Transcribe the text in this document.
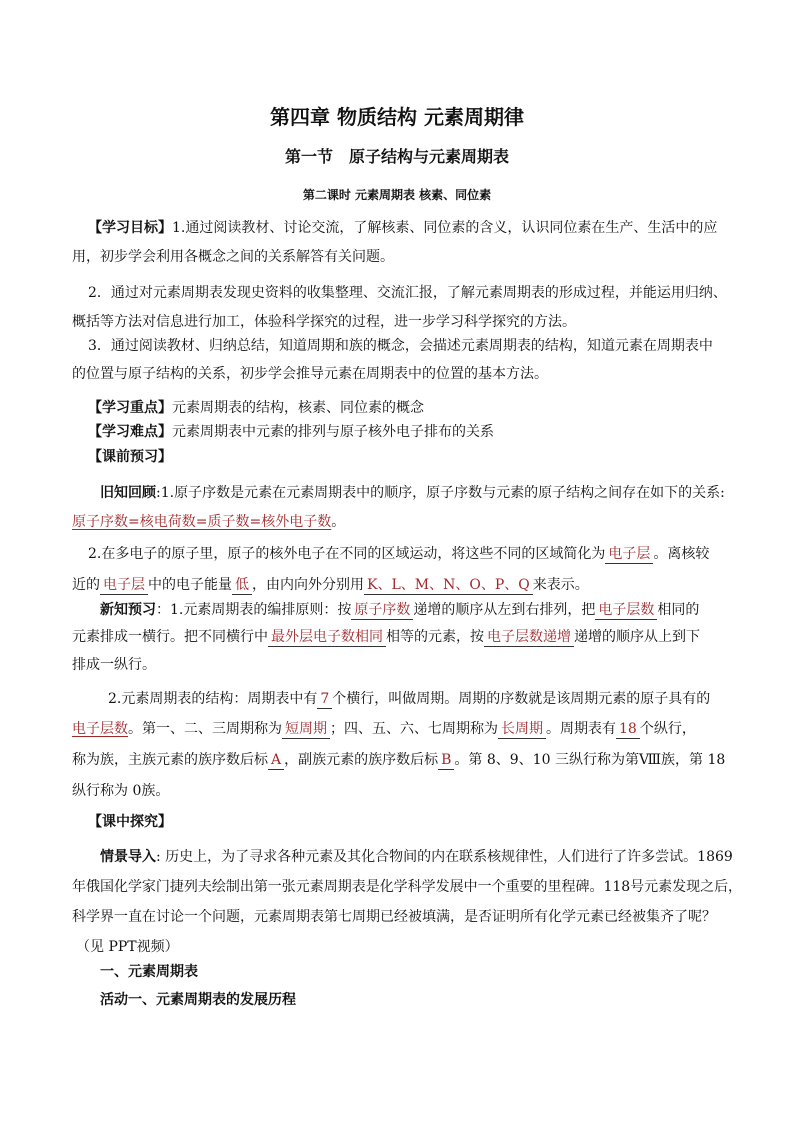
第四章 物质结构 元素周期律
第一节　原子结构与元素周期表
第二课时 元素周期表 核素、同位素
【学习目标】1.通过阅读教材、讨论交流，了解核素、同位素的含义，认识同位素在生产、生活中的应
用，初步学会利用各概念之间的关系解答有关问题。
2．通过对元素周期表发现史资料的收集整理、交流汇报，了解元素周期表的形成过程，并能运用归纳、
概括等方法对信息进行加工，体验科学探究的过程，进一步学习科学探究的方法。
3．通过阅读教材、归纳总结，知道周期和族的概念，会描述元素周期表的结构，知道元素在周期表中
的位置与原子结构的关系，初步学会推导元素在周期表中的位置的基本方法。
【学习重点】元素周期表的结构，核素、同位素的概念
【学习难点】元素周期表中元素的排列与原子核外电子排布的关系
【课前预习】
旧知回顾:1.原子序数是元素在元素周期表中的顺序，原子序数与元素的原子结构之间存在如下的关系:
原子序数=核电荷数=质子数=核外电子数。
2.在多电子的原子里，原子的核外电子在不同的区域运动，将这些不同的区域简化为 电子层 。离核较
近的 电子层 中的电子能量 低 ，由内向外分别用 K、L、M、N、O、P、Q 来表示。
新知预习：1.元素周期表的编排原则：按 原子序数 递增的顺序从左到右排列，把 电子层数 相同的
元素排成一横行。把不同横行中 最外层电子数相同 相等的元素，按 电子层数递增 递增的顺序从上到下
排成一纵行。
2.元素周期表的结构：周期表中有 7 个横行，叫做周期。周期的序数就是该周期元素的原子具有的
电子层数。第一、二、三周期称为 短周期 ；四、五、六、七周期称为 长周期 。周期表有 18 个纵行，
称为族，主族元素的族序数后标 A ，副族元素的族序数后标 B 。第 8、9、10 三纵行称为第Ⅷ族，第 18
纵行称为 0族。
【课中探究】
情景导入: 历史上，为了寻求各种元素及其化合物间的内在联系核规律性，人们进行了许多尝试。1869
年俄国化学家门捷列夫绘制出第一张元素周期表是化学科学发展中一个重要的里程碑。118号元素发现之后，
科学界一直在讨论一个问题，元素周期表第七周期已经被填满，是否证明所有化学元素已经被集齐了呢？
（见 PPT视频）
一、元素周期表
活动一、元素周期表的发展历程
